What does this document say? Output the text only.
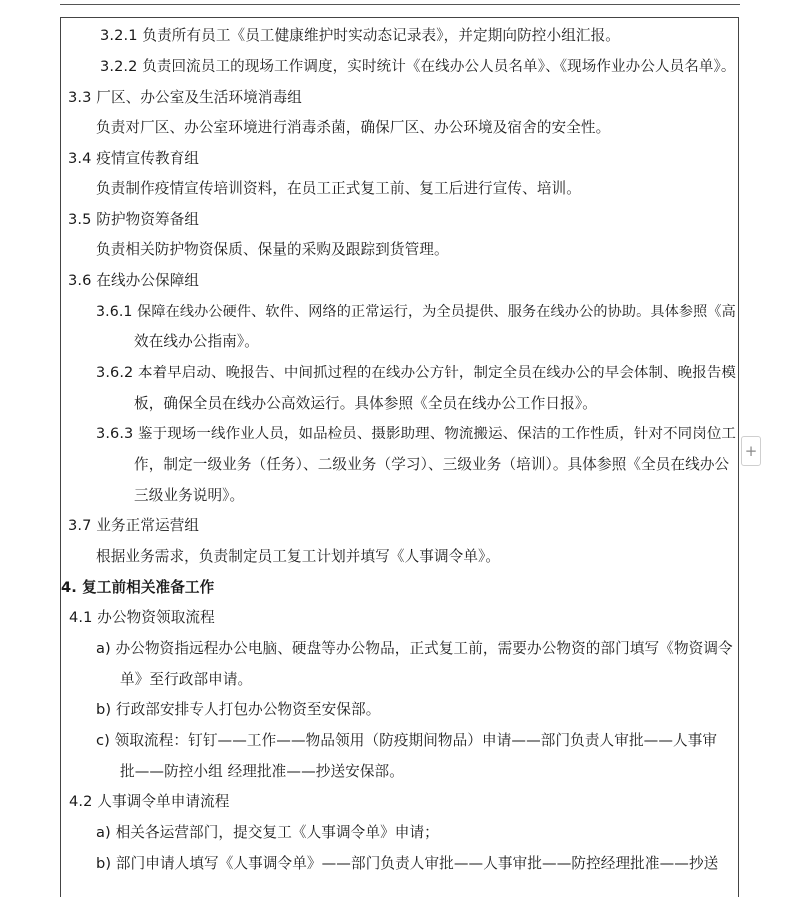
3.2.1 负责所有员工《员工健康维护时实动态记录表》，并定期向防控小组汇报。
3.2.2 负责回流员工的现场工作调度，实时统计《在线办公人员名单》、《现场作业办公人员名单》。
3.3 厂区、办公室及生活环境消毒组
负责对厂区、办公室环境进行消毒杀菌，确保厂区、办公环境及宿舍的安全性。
3.4 疫情宣传教育组
负责制作疫情宣传培训资料，在员工正式复工前、复工后进行宣传、培训。
3.5 防护物资筹备组
负责相关防护物资保质、保量的采购及跟踪到货管理。
3.6 在线办公保障组
3.6.1 保障在线办公硬件、软件、网络的正常运行，为全员提供、服务在线办公的协助。具体参照《高
效在线办公指南》。
3.6.2 本着早启动、晚报告、中间抓过程的在线办公方针，制定全员在线办公的早会体制、晚报告模
板，确保全员在线办公高效运行。具体参照《全员在线办公工作日报》。
3.6.3 鉴于现场一线作业人员，如品检员、摄影助理、物流搬运、保洁的工作性质，针对不同岗位工
作，制定一级业务（任务）、二级业务（学习）、三级业务（培训）。具体参照《全员在线办公
三级业务说明》。
3.7 业务正常运营组
根据业务需求，负责制定员工复工计划并填写《人事调令单》。
4. 复工前相关准备工作
4.1 办公物资领取流程
a) 办公物资指远程办公电脑、硬盘等办公物品，正式复工前，需要办公物资的部门填写《物资调令
单》至行政部申请。
b) 行政部安排专人打包办公物资至安保部。
c) 领取流程：钉钉——工作——物品领用（防疫期间物品）申请——部门负责人审批——人事审
批——防控小组 经理批准——抄送安保部。
4.2 人事调令单申请流程
a) 相关各运营部门，提交复工《人事调令单》申请；
b) 部门申请人填写《人事调令单》——部门负责人审批——人事审批——防控经理批准——抄送
+
